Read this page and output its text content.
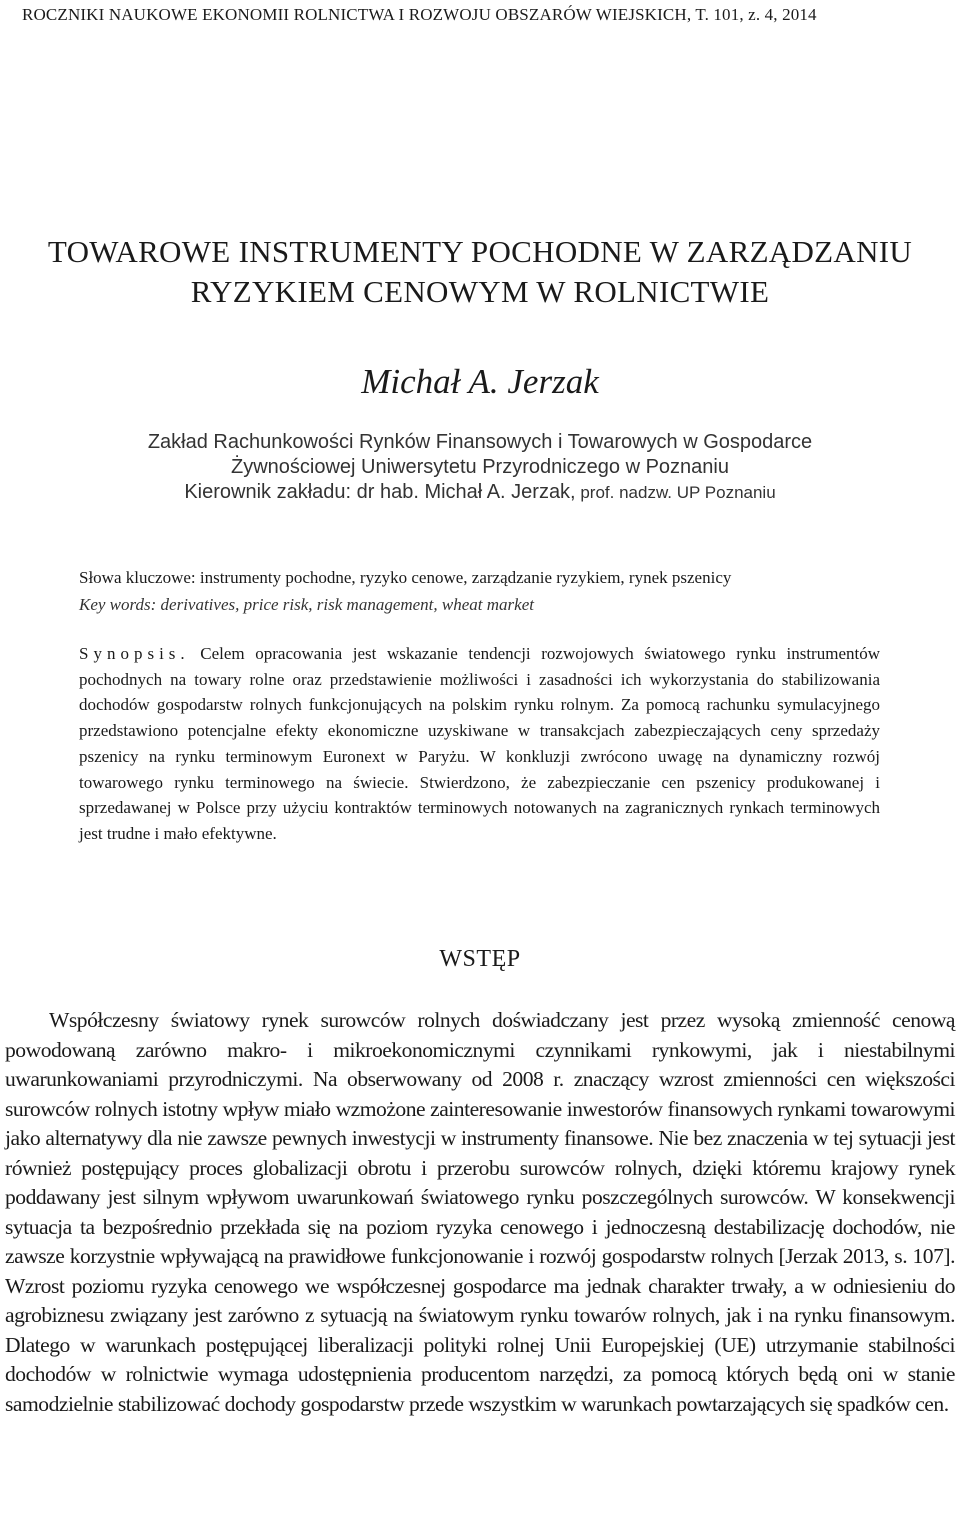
ROCZNIKI NAUKOWE EKONOMII ROLNICTWA I ROZWOJU OBSZARÓW WIEJSKICH, T. 101, z. 4, 2014
TOWAROWE INSTRUMENTY POCHODNE W ZARZĄDZANIU
RYZYKIEM CENOWYM W ROLNICTWIE
Michał A. Jerzak
Zakład Rachunkowości Rynków Finansowych i Towarowych w Gospodarce
Żywnościowej Uniwersytetu Przyrodniczego w Poznaniu
Kierownik zakładu: dr hab. Michał A. Jerzak, prof. nadzw. UP Poznaniu
Słowa kluczowe: instrumenty pochodne, ryzyko cenowe, zarządzanie ryzykiem, rynek pszenicy
Key words: derivatives, price risk, risk management, wheat market
Synopsis. Celem opracowania jest wskazanie tendencji rozwojowych światowego rynku instrumentów pochodnych na towary rolne oraz przedstawienie możliwości i zasadności ich wykorzystania do stabilizowania dochodów gospodarstw rolnych funkcjonujących na polskim rynku rolnym. Za pomocą rachunku symulacyjnego przedstawiono potencjalne efekty ekonomiczne uzyskiwane w transakcjach zabezpieczających ceny sprzedaży pszenicy na rynku terminowym Euronext w Paryżu. W konkluzji zwrócono uwagę na dynamiczny rozwój towarowego rynku terminowego na świecie. Stwierdzono, że zabezpieczanie cen pszenicy produkowanej i sprzedawanej w Polsce przy użyciu kontraktów terminowych notowanych na zagranicznych rynkach terminowych jest trudne i mało efektywne.
WSTĘP

Współczesny światowy rynek surowców rolnych doświadczany jest przez wysoką zmienność cenową powodowaną zarówno makro- i mikroekonomicznymi czynnikami rynkowymi, jak i niestabilnymi uwarunkowaniami przyrodniczymi. Na obserwowany od 2008 r. znaczący wzrost zmienności cen większości surowców rolnych istotny wpływ miało wzmożone zainteresowanie inwestorów finansowych rynkami towarowymi jako alternatywy dla nie zawsze pewnych inwestycji w instrumenty finansowe. Nie bez znaczenia w tej sytuacji jest również postępujący proces globalizacji obrotu i przerobu surowców rolnych, dzięki któremu krajowy rynek poddawany jest silnym wpływom uwarunkowań światowego rynku poszczególnych surowców. W konsekwencji sytuacja ta bezpośrednio przekłada się na poziom ryzyka cenowego i jednoczesną destabilizację dochodów, nie zawsze korzystnie wpływającą na prawidłowe funkcjonowanie i rozwój gospodarstw rolnych [Jerzak 2013, s. 107]. Wzrost poziomu ryzyka cenowego we współczesnej gospodarce ma jednak charakter trwały, a w odniesieniu do agrobiznesu związany jest zarówno z sytuacją na światowym rynku towarów rolnych, jak i na rynku finansowym. Dlatego w warunkach postępującej liberalizacji polityki rolnej Unii Europejskiej (UE) utrzymanie stabilności dochodów w rolnictwie wymaga udostępnienia producentom narzędzi, za pomocą których będą oni w stanie samodzielnie stabilizować dochody gospodarstw przede wszystkim w warunkach powtarzających się spadków cen.
